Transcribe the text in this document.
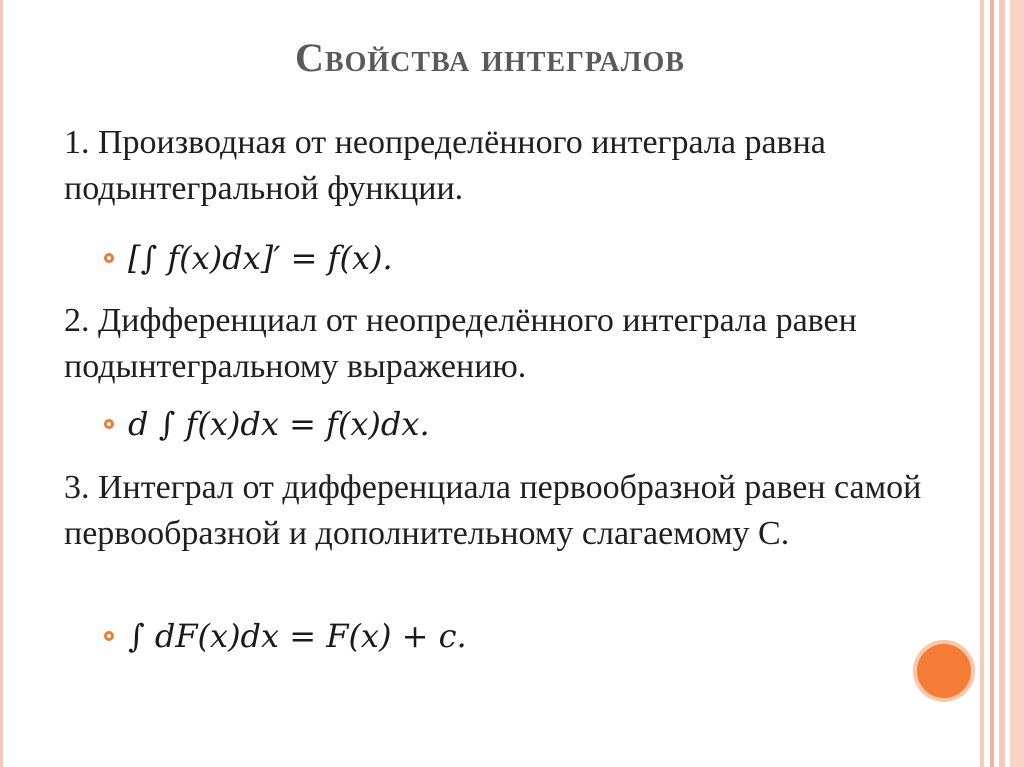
Свойства интегралов
1. Производная от неопределённого интеграла равна подынтегральной функции.
[∫ f(x)dx]′ = f(x).
2. Дифференциал от неопределённого интеграла равен подынтегральному выражению.
d ∫ f(x)dx = f(x)dx.
3. Интеграл от дифференциала первообразной равен самой первообразной и дополнительному слагаемому С.
∫ dF(x)dx = F(x) + c.
